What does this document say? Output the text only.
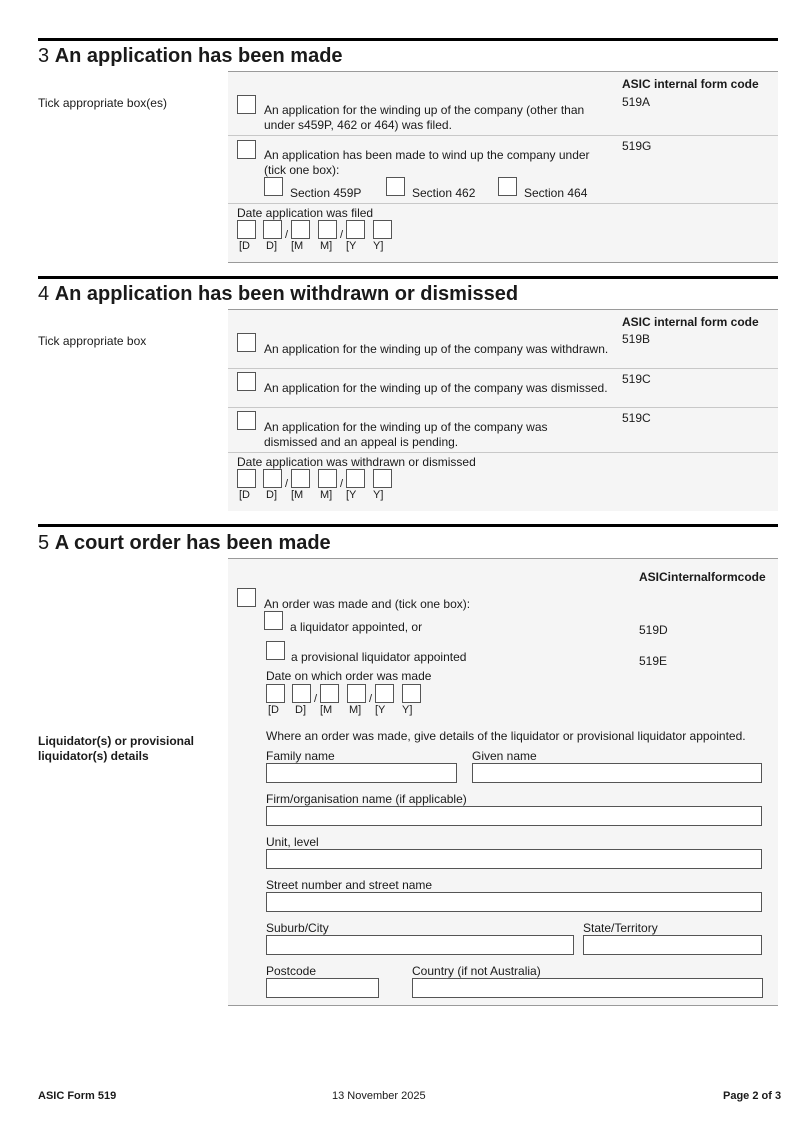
3 An application has been made
Tick appropriate box(es)
ASIC internal form code
An application for the winding up of the company (other than
under s459P, 462 or 464) was filed.
519A
An application has been made to wind up the company under
(tick one box):
519G
Section 459P	Section 462	Section 464
Date application was filed
/	/
[D D] [M M] [Y Y]
4 An application has been withdrawn or dismissed
Tick appropriate box
ASIC internal form code
An application for the winding up of the company was withdrawn.
519B
An application for the winding up of the company was dismissed.
519C
An application for the winding up of the company was
dismissed and an appeal is pending.
519C
Date application was withdrawn or dismissed
/	/
[D D] [M M] [Y Y]
5 A court order has been made
Liquidator(s) or provisional liquidator(s) details
ASICinternalformcode
An order was made and (tick one box):
a liquidator appointed, or	519D
a provisional liquidator appointed	519E
Date on which order was made
/	/
[D D] [M M] [Y Y]
Where an order was made, give details of the liquidator or provisional liquidator appointed.
Family name	Given name
Firm/organisation name (if applicable)
Unit, level
Street number and street name
Suburb/City	State/Territory
Postcode	Country (if not Australia)
ASIC Form 519	13 November 2025	Page 2 of 3
